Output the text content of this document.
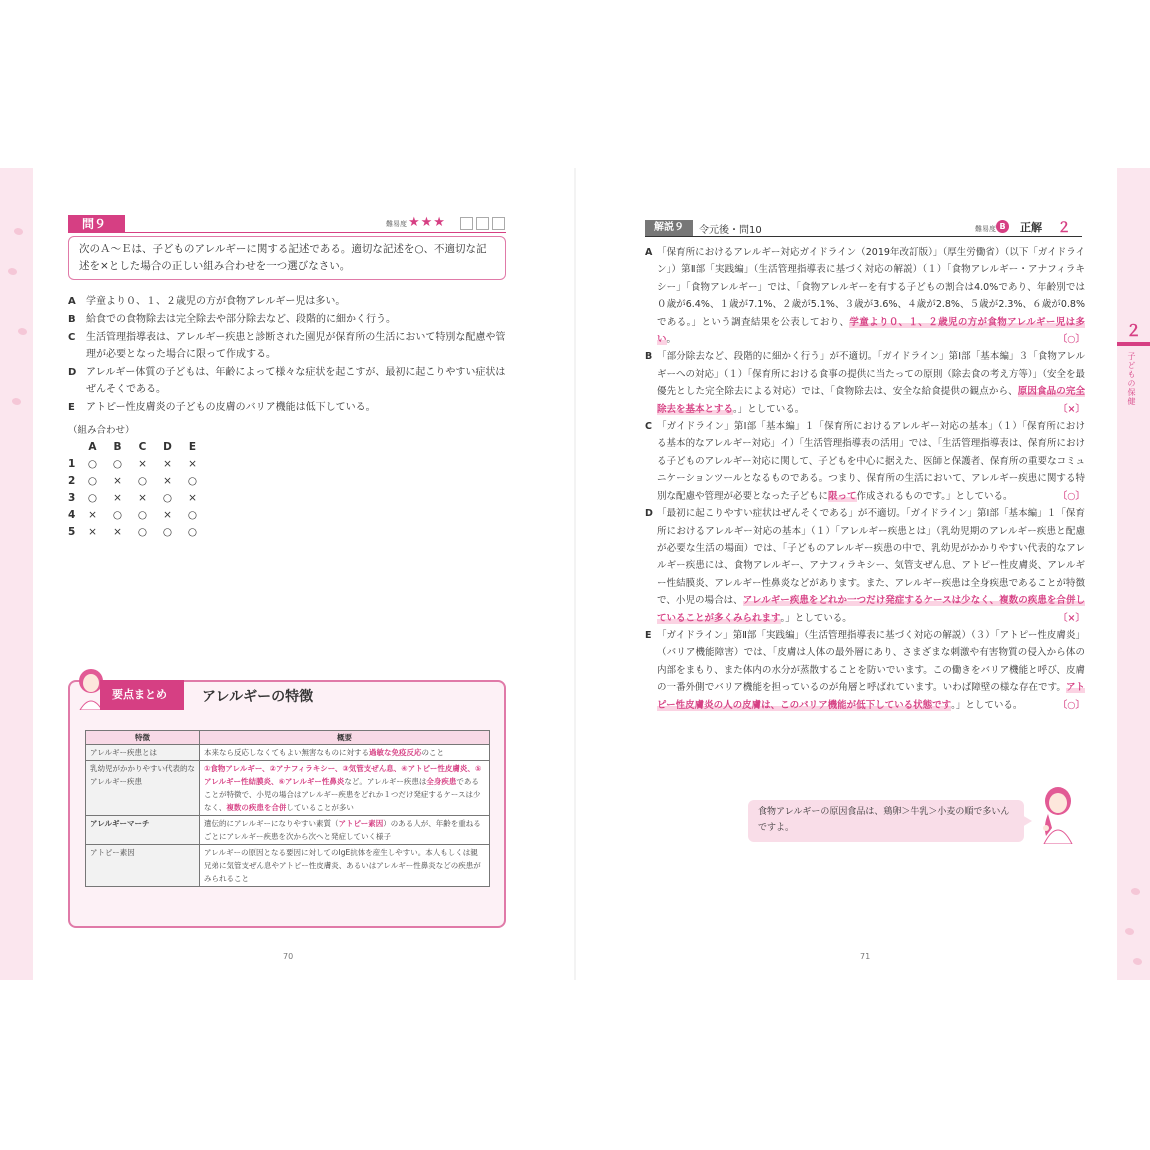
２
子どもの保健
問９	難易度 ★★★
次のＡ～Ｅは、子どものアレルギーに関する記述である。適切な記述を○、不適切な記述を×とした場合の正しい組み合わせを一つ選びなさい。
A 学童より０、１、２歳児の方が食物アレルギー児は多い。
B 給食での食物除去は完全除去や部分除去など、段階的に細かく行う。
C 生活管理指導表は、アレルギー疾患と診断された園児が保育所の生活において特別な配慮や管理が必要となった場合に限って作成する。
D アレルギー体質の子どもは、年齢によって様々な症状を起こすが、最初に起こりやすい症状はぜんそくである。
E アトピー性皮膚炎の子どもの皮膚のバリア機能は低下している。
（組み合わせ）
	A	B	C	D	E
1	○	○	×	×	×
2	○	×	○	×	○
3	○	×	×	○	×
4	×	○	○	×	○
5	×	×	○	○	○
要点まとめ	アレルギーの特徴
特徴	概要
アレルギー疾患とは	本来なら反応しなくてもよい無害なものに対する過敏な免疫反応のこと
乳幼児がかかりやすい代表的なアレルギー疾患	①食物アレルギー、②アナフィラキシー、③気管支ぜん息、④アトピー性皮膚炎、⑤アレルギー性結膜炎、⑥アレルギー性鼻炎など。アレルギー疾患は全身疾患であることが特徴で、小児の場合はアレルギー疾患をどれか１つだけ発症するケースは少なく、複数の疾患を合併していることが多い
アレルギーマーチ	遺伝的にアレルギーになりやすい素質（アトピー素因）のある人が、年齢を重ねるごとにアレルギー疾患を次から次へと発症していく様子
アトピー素因	アレルギーの原因となる要因に対してのIgE抗体を産生しやすい。本人もしくは親兄弟に気管支ぜん息やアトピー性皮膚炎、あるいはアレルギー性鼻炎などの疾患がみられること
70
解説９	令元後・問10	難易度 B	正解 ２
A 「保育所におけるアレルギー対応ガイドライン（2019年改訂版）」（厚生労働省）（以下「ガイドライン」）第Ⅱ部「実践編」（生活管理指導表に基づく対応の解説）（１）「食物アレルギー・アナフィラキシー」「食物アレルギー」では、「食物アレルギーを有する子どもの割合は4.0%であり、年齢別では０歳が6.4%、１歳が7.1%、２歳が5.1%、３歳が3.6%、４歳が2.8%、５歳が2.3%、６歳が0.8%である。」という調査結果を公表しており、学童より０、１、２歳児の方が食物アレルギー児は多い。	〔○〕
B 「部分除去など、段階的に細かく行う」が不適切。「ガイドライン」第Ⅰ部「基本編」３「食物アレルギーへの対応」（１）「保育所における食事の提供に当たっての原則（除去食の考え方等）」（安全を最優先とした完全除去による対応）では、「食物除去は、安全な給食提供の観点から、原因食品の完全除去を基本とする。」としている。	〔×〕
C 「ガイドライン」第Ⅰ部「基本編」１「保育所におけるアレルギー対応の基本」（１）「保育所における基本的なアレルギー対応」イ）「生活管理指導表の活用」では、「生活管理指導表は、保育所における子どものアレルギー対応に関して、子どもを中心に据えた、医師と保護者、保育所の重要なコミュニケーションツールとなるものである。つまり、保育所の生活において、アレルギー疾患に関する特別な配慮や管理が必要となった子どもに限って作成されるものです。」としている。	〔○〕
D 「最初に起こりやすい症状はぜんそくである」が不適切。「ガイドライン」第Ⅰ部「基本編」１「保育所におけるアレルギー対応の基本」（１）「アレルギー疾患とは」（乳幼児期のアレルギー疾患と配慮が必要な生活の場面）では、「子どものアレルギー疾患の中で、乳幼児がかかりやすい代表的なアレルギー疾患には、食物アレルギー、アナフィラキシー、気管支ぜん息、アトピー性皮膚炎、アレルギー性結膜炎、アレルギー性鼻炎などがあります。また、アレルギー疾患は全身疾患であることが特徴で、小児の場合は、アレルギー疾患をどれか一つだけ発症するケースは少なく、複数の疾患を合併していることが多くみられます。」としている。	〔×〕
E 「ガイドライン」第Ⅱ部「実践編」（生活管理指導表に基づく対応の解説）（３）「アトピー性皮膚炎」（バリア機能障害）では、「皮膚は人体の最外層にあり、さまざまな刺激や有害物質の侵入から体の内部をまもり、また体内の水分が蒸散することを防いでいます。この働きをバリア機能と呼び、皮膚の一番外側でバリア機能を担っているのが角層と呼ばれています。いわば障壁の様な存在です。アトピー性皮膚炎の人の皮膚は、このバリア機能が低下している状態です。」としている。	〔○〕
食物アレルギーの原因食品は、鶏卵＞牛乳＞小麦の順で多いんですよ。
71
